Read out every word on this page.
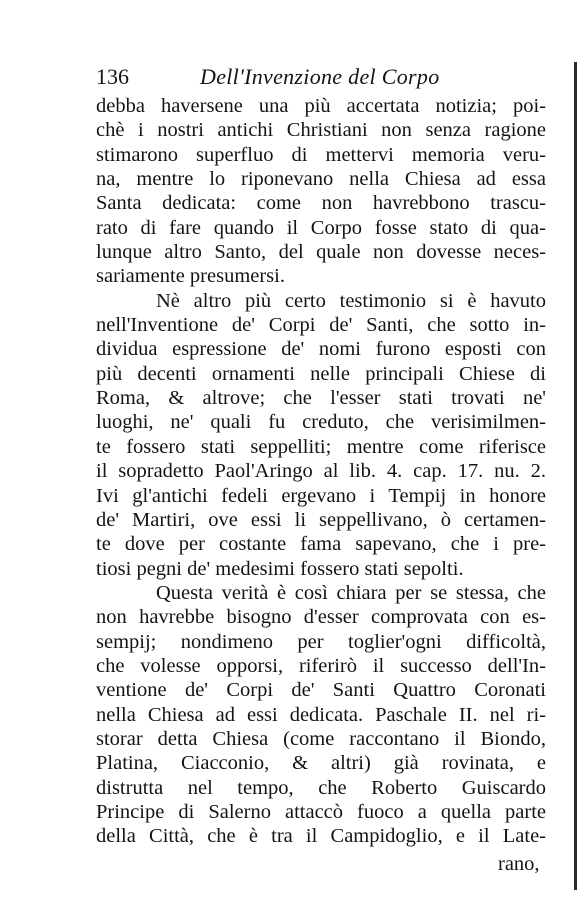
136	Dell'Invenzione del Corpo
debba haversene una più accertata notizia; poi-
chè i nostri antichi Christiani non senza ragione
stimarono superfluo di mettervi memoria veru-
na, mentre lo riponevano nella Chiesa ad essa
Santa dedicata: come non havrebbono trascu-
rato di fare quando il Corpo fosse stato di qua-
lunque altro Santo, del quale non dovesse neces-
sariamente presumersi.
Nè altro più certo testimonio si è havuto
nell'Inventione de' Corpi de' Santi, che sotto in-
dividua espressione de' nomi furono esposti con
più decenti ornamenti nelle principali Chiese di
Roma, & altrove; che l'esser stati trovati ne'
luoghi, ne' quali fu creduto, che verisimilmen-
te fossero stati seppelliti; mentre come riferisce
il sopradetto Paol'Aringo al lib. 4. cap. 17. nu. 2.
Ivi gl'antichi fedeli ergevano i Tempij in honore
de' Martiri, ove essi li seppellivano, ò certamen-
te dove per costante fama sapevano, che i pre-
tiosi pegni de' medesimi fossero stati sepolti.
Questa verità è così chiara per se stessa, che
non havrebbe bisogno d'esser comprovata con es-
sempij; nondimeno per toglier'ogni difficoltà,
che volesse opporsi, riferirò il successo dell'In-
ventione de' Corpi de' Santi Quattro Coronati
nella Chiesa ad essi dedicata. Paschale II. nel ri-
storar detta Chiesa (come raccontano il Biondo,
Platina, Ciacconio, & altri) già rovinata, e
distrutta nel tempo, che Roberto Guiscardo
Principe di Salerno attaccò fuoco a quella parte
della Città, che è tra il Campidoglio, e il Late-
rano,
